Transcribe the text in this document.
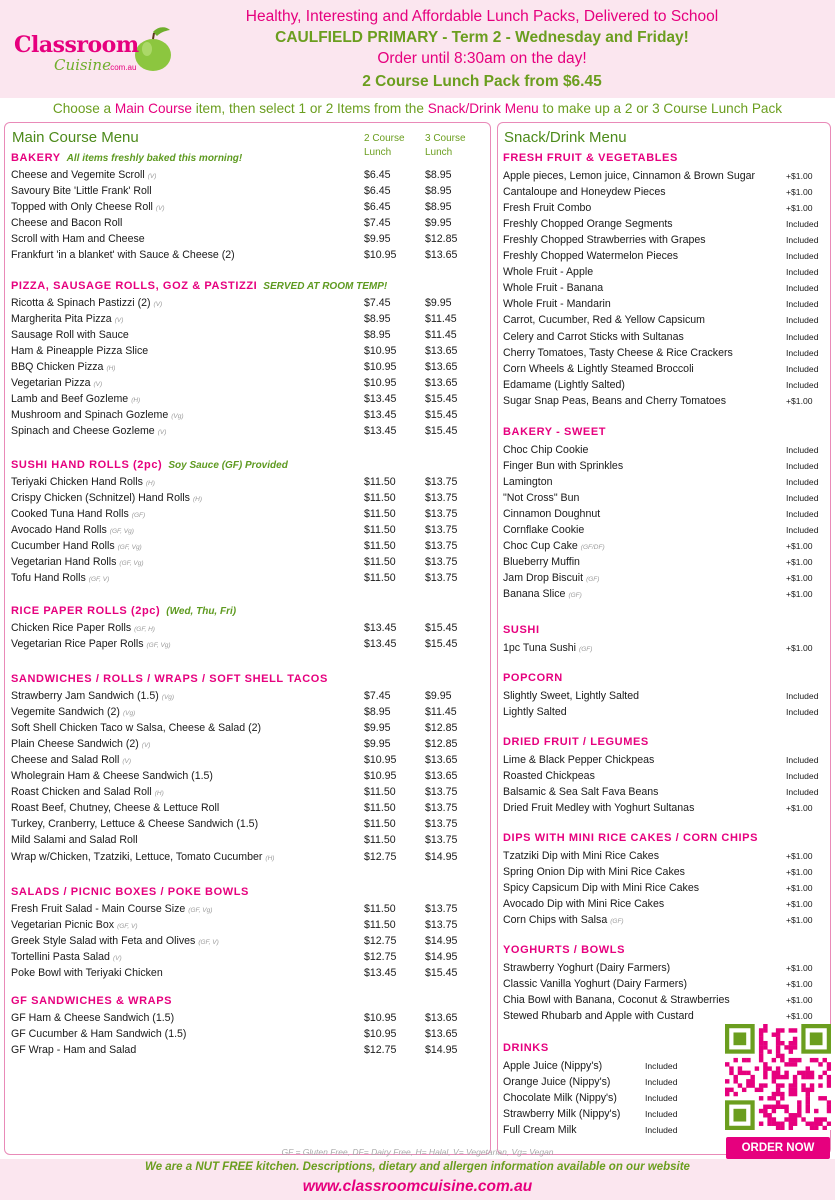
Classroom
Cuisine
.com.au
Healthy, Interesting and Affordable Lunch Packs, Delivered to School
CAULFIELD PRIMARY - Term 2 - Wednesday and Friday!
Order until 8:30am on the day!
2 Course Lunch Pack from $6.45
Choose a Main Course item, then select 1 or 2 Items from the Snack/Drink Menu to make up a 2 or 3 Course Lunch Pack
Main Course Menu	2 Course
Lunch
3 Course
Lunch
BAKERY All items freshly baked this morning!
Cheese and Vegemite Scroll (V)	$6.45	$8.95
Savoury Bite 'Little Frank' Roll	$6.45	$8.95
Topped with Only Cheese Roll (V)	$6.45	$8.95
Cheese and Bacon Roll	$7.45	$9.95
Scroll with Ham and Cheese	$9.95	$12.85
Frankfurt 'in a blanket' with Sauce & Cheese (2)	$10.95	$13.65
PIZZA, SAUSAGE ROLLS, GOZ & PASTIZZI SERVED AT ROOM TEMP!
Ricotta & Spinach Pastizzi (2) (V)	$7.45	$9.95
Margherita Pita Pizza (V)	$8.95	$11.45
Sausage Roll with Sauce	$8.95	$11.45
Ham & Pineapple Pizza Slice	$10.95	$13.65
BBQ Chicken Pizza (H)	$10.95	$13.65
Vegetarian Pizza (V)	$10.95	$13.65
Lamb and Beef Gozleme (H)	$13.45	$15.45
Mushroom and Spinach Gozleme (Vg)	$13.45	$15.45
Spinach and Cheese Gozleme (V)	$13.45	$15.45
SUSHI HAND ROLLS (2pc) Soy Sauce (GF) Provided
Teriyaki Chicken Hand Rolls (H)	$11.50	$13.75
Crispy Chicken (Schnitzel) Hand Rolls (H)	$11.50	$13.75
Cooked Tuna Hand Rolls (GF)	$11.50	$13.75
Avocado Hand Rolls (GF, Vg)	$11.50	$13.75
Cucumber Hand Rolls (GF, Vg)	$11.50	$13.75
Vegetarian Hand Rolls (GF, Vg)	$11.50	$13.75
Tofu Hand Rolls (GF, V)	$11.50	$13.75
RICE PAPER ROLLS (2pc) (Wed, Thu, Fri)
Chicken Rice Paper Rolls (GF, H)	$13.45	$15.45
Vegetarian Rice Paper Rolls (GF, Vg)	$13.45	$15.45
SANDWICHES / ROLLS / WRAPS / SOFT SHELL TACOS
Strawberry Jam Sandwich (1.5) (Vg)	$7.45	$9.95
Vegemite Sandwich (2) (Vg)	$8.95	$11.45
Soft Shell Chicken Taco w Salsa, Cheese & Salad (2)	$9.95	$12.85
Plain Cheese Sandwich (2) (V)	$9.95	$12.85
Cheese and Salad Roll (V)	$10.95	$13.65
Wholegrain Ham & Cheese Sandwich (1.5)	$10.95	$13.65
Roast Chicken and Salad Roll (H)	$11.50	$13.75
Roast Beef, Chutney, Cheese & Lettuce Roll	$11.50	$13.75
Turkey, Cranberry, Lettuce & Cheese Sandwich (1.5)	$11.50	$13.75
Mild Salami and Salad Roll	$11.50	$13.75
Wrap w/Chicken, Tzatziki, Lettuce, Tomato Cucumber (H)	$12.75	$14.95
SALADS / PICNIC BOXES / POKE BOWLS
Fresh Fruit Salad - Main Course Size (GF, Vg)	$11.50	$13.75
Vegetarian Picnic Box (GF, V)	$11.50	$13.75
Greek Style Salad with Feta and Olives (GF, V)	$12.75	$14.95
Tortellini Pasta Salad (V)	$12.75	$14.95
Poke Bowl with Teriyaki Chicken	$13.45	$15.45
GF SANDWICHES & WRAPS
GF Ham & Cheese Sandwich (1.5)	$10.95	$13.65
GF Cucumber & Ham Sandwich (1.5)	$10.95	$13.65
GF Wrap - Ham and Salad	$12.75	$14.95
Snack/Drink Menu
FRESH FRUIT & VEGETABLES
Apple pieces, Lemon juice, Cinnamon & Brown Sugar	+$1.00
Cantaloupe and Honeydew Pieces	+$1.00
Fresh Fruit Combo	+$1.00
Freshly Chopped Orange Segments	Included
Freshly Chopped Strawberries with Grapes	Included
Freshly Chopped Watermelon Pieces	Included
Whole Fruit - Apple	Included
Whole Fruit - Banana	Included
Whole Fruit - Mandarin	Included
Carrot, Cucumber, Red & Yellow Capsicum	Included
Celery and Carrot Sticks with Sultanas	Included
Cherry Tomatoes, Tasty Cheese & Rice Crackers	Included
Corn Wheels & Lightly Steamed Broccoli	Included
Edamame (Lightly Salted)	Included
Sugar Snap Peas, Beans and Cherry Tomatoes	+$1.00
BAKERY - SWEET
Choc Chip Cookie	Included
Finger Bun with Sprinkles	Included
Lamington	Included
"Not Cross" Bun	Included
Cinnamon Doughnut	Included
Cornflake Cookie	Included
Choc Cup Cake (GF/DF)	+$1.00
Blueberry Muffin	+$1.00
Jam Drop Biscuit (GF)	+$1.00
Banana Slice (GF)	+$1.00
SUSHI
1pc Tuna Sushi (GF)	+$1.00
POPCORN
Slightly Sweet, Lightly Salted	Included
Lightly Salted	Included
DRIED FRUIT / LEGUMES
Lime & Black Pepper Chickpeas	Included
Roasted Chickpeas	Included
Balsamic & Sea Salt Fava Beans	Included
Dried Fruit Medley with Yoghurt Sultanas	+$1.00
DIPS WITH MINI RICE CAKES / CORN CHIPS
Tzatziki Dip with Mini Rice Cakes	+$1.00
Spring Onion Dip with Mini Rice Cakes	+$1.00
Spicy Capsicum Dip with Mini Rice Cakes	+$1.00
Avocado Dip with Mini Rice Cakes	+$1.00
Corn Chips with Salsa (GF)	+$1.00
YOGHURTS / BOWLS
Strawberry Yoghurt (Dairy Farmers)	+$1.00
Classic Vanilla Yoghurt (Dairy Farmers)	+$1.00
Chia Bowl with Banana, Coconut & Strawberries	+$1.00
Stewed Rhubarb and Apple with Custard	+$1.00
DRINKS
Apple Juice (Nippy's)	Included
Orange Juice (Nippy's)	Included
Chocolate Milk (Nippy's)	Included
Strawberry Milk (Nippy's)	Included
Full Cream Milk	Included
ORDER NOW
GF = Gluten Free, DF= Dairy Free, H= Halal, V= Vegetarian, Vg= Vegan
We are a NUT FREE kitchen. Descriptions, dietary and allergen information available on our website
www.classroomcuisine.com.au
